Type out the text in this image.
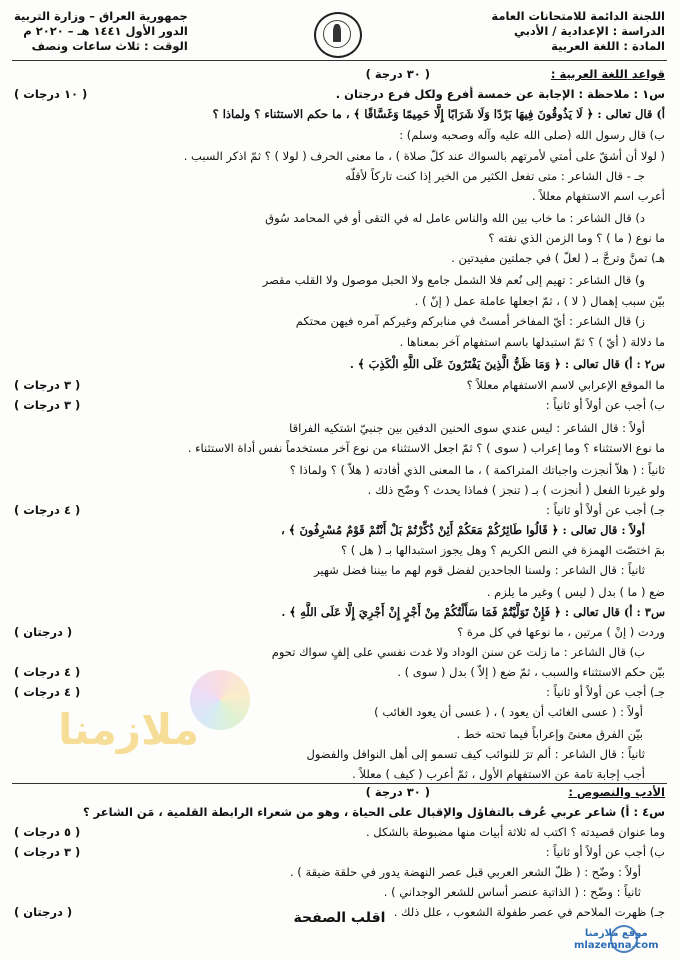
اللجنة الدائمة للامتحانات العامة
الدراسة : الإعدادية / الأدبي
المادة : اللغة العربية
جمهورية العراق – وزارة التربية
الدور الأول ١٤٤١ هـ – ٢٠٢٠ م
الوقت : ثلاث ساعات ونصف
قواعد اللغة العربية :
( ٣٠ درجة )
ملازمنا
س١ : ملاحظة : الإجابة عن خمسة أفرع ولكل فرع درجتان .
( ١٠ درجات )
أ) قال تعالى : ﴿ لَا يَذُوقُونَ فِيهَا بَرْدًا وَلَا شَرَابًا إِلَّا حَمِيمًا وَغَسَّاقًا ﴾ ، ما حكم الاستثناء ؟ ولماذا ؟
ب) قال رسول الله (صلى الله عليه وآله وصحبه وسلم) :
( لولا أن أشقّ على أمتي لأمرتهم بالسواك عند كلّ صلاة ) ، ما معنى الحرف ( لولا ) ؟ ثمّ اذكر السبب .
جـ - قال الشاعر : متى تفعل الكثير من الخير إذا كنت تاركاً لأقلّه
أعرب اسم الاستفهام معللاً .
د) قال الشاعر : ما خاب بين الله والناس عامل له في التقى أو في المحامد سُوق
ما نوع ( ما ) ؟ وما الزمن الذي نفته ؟
هـ) تمنَّ وترجَّ بـ ( لعلّ ) في جملتين مفيدتين .
و) قال الشاعر : تهيم إلى نُعم فلا الشمل جامع ولا الحبل موصول ولا القلب مقصر
بيّن سبب إهمال ( لا ) ، ثمّ اجعلها عاملة عمل ( إنّ ) .
ز) قال الشاعر : أيّ المفاخر أمستْ في منابركم وغيركم آمره فيهن محتكم
ما دلالة ( أيّ ) ؟ ثمّ استبدلها باسم استفهام آخر بمعناها .
س٢ : أ) قال تعالى : ﴿ وَمَا ظَنُّ الَّذِينَ يَفْتَرُونَ عَلَى اللَّهِ الْكَذِبَ ﴾ .
ما الموقع الإعرابي لاسم الاستفهام معللاً ؟
( ٣ درجات )
ب) أجب عن أولاً أو ثانياً :
( ٣ درجات )
أولاً : قال الشاعر : ليس عندي سوى الحنين الدفين بين جنبيّ اشتكيه الفراقا
ما نوع الاستثناء ؟ وما إعراب ( سوى ) ؟ ثمّ اجعل الاستثناء من نوع آخر مستخدماً نفس أداة الاستثناء .
ثانياً : ( هلاّ أنجزت واجباتك المتراكمة ) ، ما المعنى الذي أفادته ( هلاّ ) ؟ ولماذا ؟
ولو غيرنا الفعل ( أنجزت ) بـ ( تنجز ) فماذا يحدث ؟ وضّح ذلك .
جـ) أجب عن أولاً أو ثانياً :
( ٤ درجات )
أولاً : قال تعالى : ﴿ قَالُوا طَائِرُكُمْ مَعَكُمْ أَئِنْ ذُكِّرْتُمْ بَلْ أَنْتُمْ قَوْمٌ مُسْرِفُونَ ﴾ ،
بمَ اختصّت الهمزة في النص الكريم ؟ وهل يجوز استبدالها بـ ( هل ) ؟
ثانياً : قال الشاعر : ولسنا الجاحدين لفضل قوم لهم ما بيننا فضل شهير
ضع ( ما ) بدل ( ليس ) وغير ما يلزم .
س٣ : أ) قال تعالى : ﴿ فَإِنْ تَوَلَّيْتُمْ فَمَا سَأَلْتُكُمْ مِنْ أَجْرٍ إِنْ أَجْرِيَ إِلَّا عَلَى اللَّهِ ﴾ .
وردت ( إنْ ) مرتين ، ما نوعها في كل مرة ؟
( درجتان )
ب) قال الشاعر : ما زلت عن سنن الوداد ولا غدت نفسي على إلفٍ سواك تحوم
بيّن حكم الاستثناء والسبب ، ثمّ ضع ( إلاّ ) بدل ( سوى ) .
( ٤ درجات )
جـ) أجب عن أولاً أو ثانياً :
( ٤ درجات )
أولاً : ( عسى الغائب أن يعود ) ، ( عسى أن يعود الغائب )
بيّن الفرق معنىً وإعراباً فيما تحته خط .
ثانياً : قال الشاعر : ألم ترَ للنوائب كيف تسمو إلى أهل النوافل والفضول
أجب إجابة تامة عن الاستفهام الأول ، ثمّ أعرب ( كيف ) معللاً .
س٤ : أ) شاعر عربي عُرف بالتفاؤل والإقبال على الحياة ، وهو من شعراء الرابطة القلمية ، مَن الشاعر ؟
وما عنوان قصيدته ؟ اكتب له ثلاثة أبيات منها مضبوطة بالشكل .
( ٥ درجات )
ب) أجب عن أولاً أو ثانياً :
( ٣ درجات )
أولاً : وضّح : ( ظلّ الشعر العربي قبل عصر النهضة يدور في حلقة ضيقة ) .
ثانياً : وضّح : ( الذاتية عنصر أساس للشعر الوجداني ) .
جـ) ظهرت الملاحم في عصر طفولة الشعوب ، علل ذلك .
( درجتان )
الأدب والنصوص :
( ٣٠ درجة )
اقلب الصفحة
موقع ملازمنا
mlazemna.com
